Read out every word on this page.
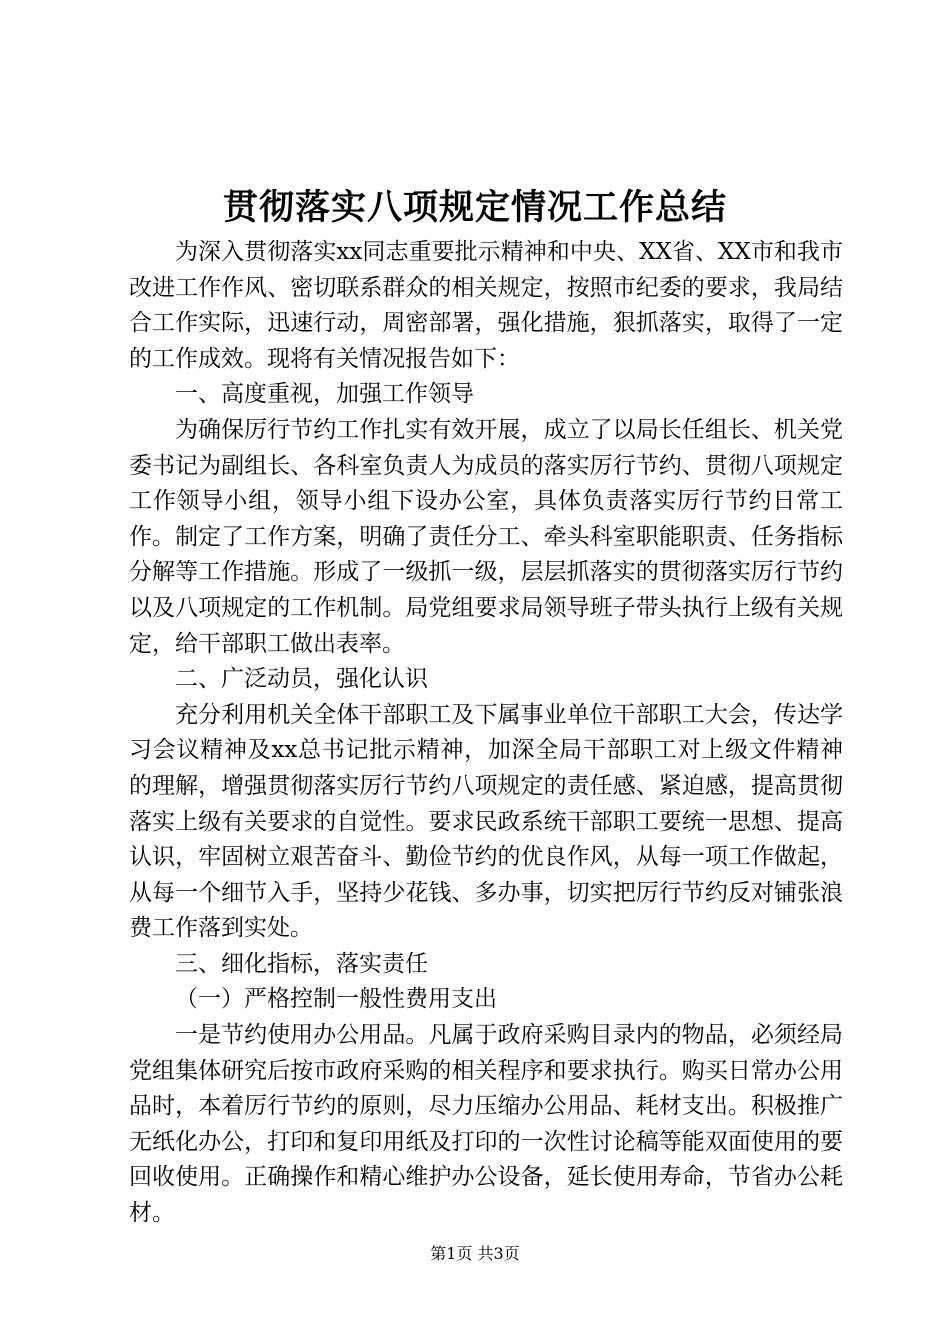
贯彻落实八项规定情况工作总结

为深入贯彻落实xx同志重要批示精神和中央、XX省、XX市和我市改进工作作风、密切联系群众的相关规定，按照市纪委的要求，我局结合工作实际，迅速行动，周密部署，强化措施，狠抓落实，取得了一定的工作成效。现将有关情况报告如下：

一、高度重视，加强工作领导

为确保厉行节约工作扎实有效开展，成立了以局长任组长、机关党委书记为副组长、各科室负责人为成员的落实厉行节约、贯彻八项规定工作领导小组，领导小组下设办公室，具体负责落实厉行节约日常工作。制定了工作方案，明确了责任分工、牵头科室职能职责、任务指标分解等工作措施。形成了一级抓一级，层层抓落实的贯彻落实厉行节约以及八项规定的工作机制。局党组要求局领导班子带头执行上级有关规定，给干部职工做出表率。

二、广泛动员，强化认识

充分利用机关全体干部职工及下属事业单位干部职工大会，传达学习会议精神及xx总书记批示精神，加深全局干部职工对上级文件精神的理解，增强贯彻落实厉行节约八项规定的责任感、紧迫感，提高贯彻落实上级有关要求的自觉性。要求民政系统干部职工要统一思想、提高认识，牢固树立艰苦奋斗、勤俭节约的优良作风，从每一项工作做起，从每一个细节入手，坚持少花钱、多办事，切实把厉行节约反对铺张浪费工作落到实处。

三、细化指标，落实责任

（一）严格控制一般性费用支出

一是节约使用办公用品。凡属于政府采购目录内的物品，必须经局党组集体研究后按市政府采购的相关程序和要求执行。购买日常办公用品时，本着厉行节约的原则，尽力压缩办公用品、耗材支出。积极推广无纸化办公，打印和复印用纸及打印的一次性讨论稿等能双面使用的要回收使用。正确操作和精心维护办公设备，延长使用寿命，节省办公耗材。

第1页 共3页
